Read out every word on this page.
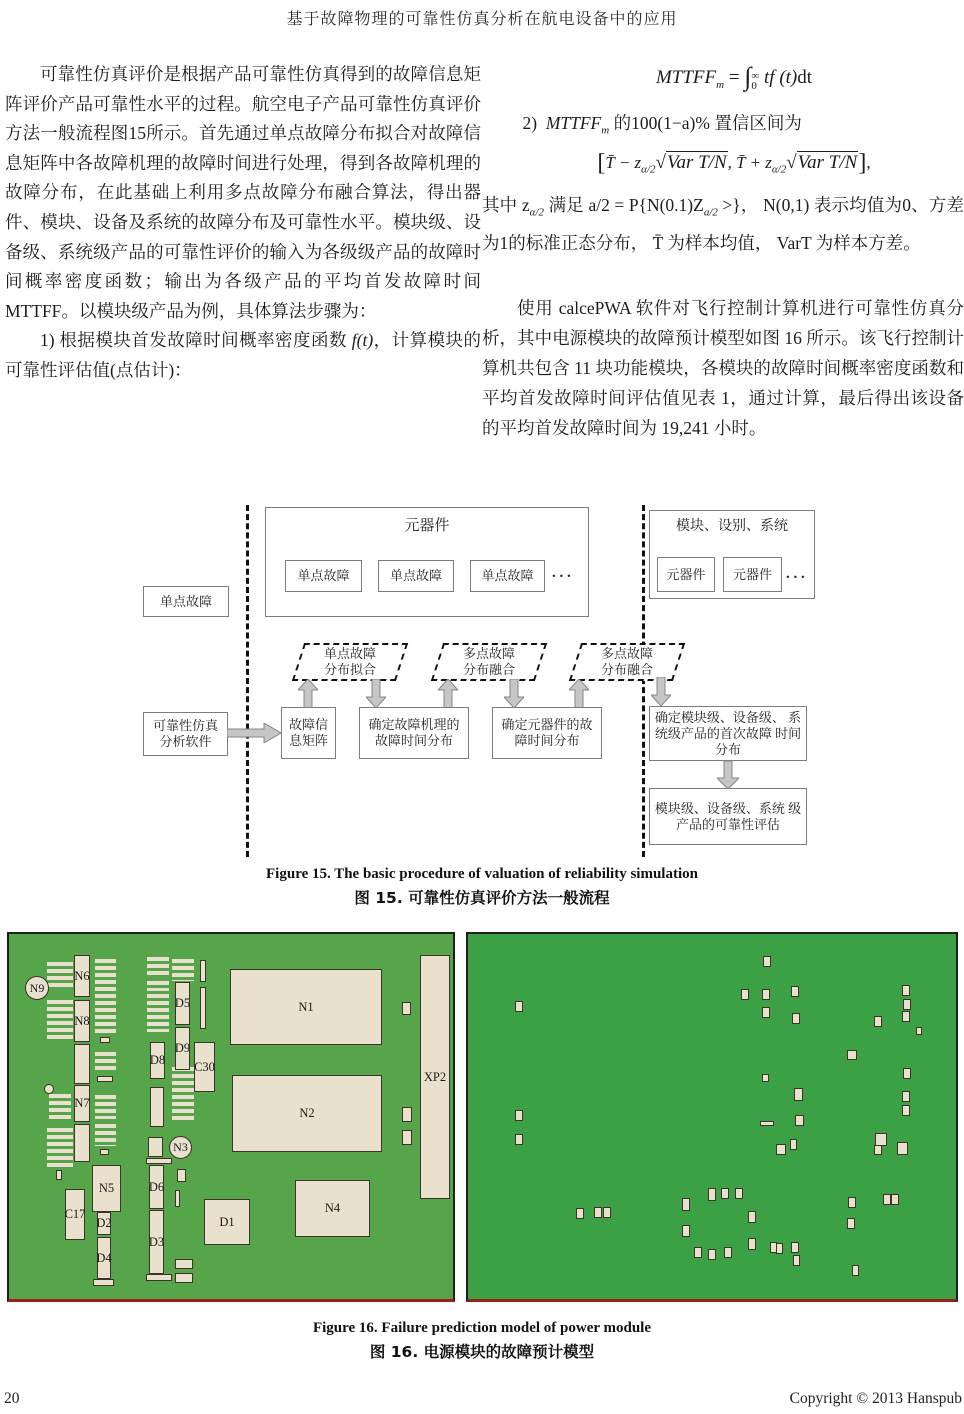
基于故障物理的可靠性仿真分析在航电设备中的应用

可靠性仿真评价是根据产品可靠性仿真得到的故障信息矩阵评价产品可靠性水平的过程。航空电子产品可靠性仿真评价方法一般流程图15所示。首先通过单点故障分布拟合对故障信息矩阵中各故障机理的故障时间进行处理，得到各故障机理的故障分布，在此基础上利用多点故障分布融合算法，得出器件、模块、设备及系统的故障分布及可靠性水平。模块级、设备级、系统级产品的可靠性评价的输入为各级级产品的故障时间概率密度函数；输出为各级产品的平均首发故障时间MTTFF。以模块级产品为例，具体算法步骤为：

1) 根据模块首发故障时间概率密度函数 f(t)，计算模块的可靠性评估值(点估计)：

$MTTFF_m$ = ∫∞
0 tf (t)dt
2) $MTTFF_m$ 的100(1−a)% 置信区间为
[T̄ − $z_{\alpha/2}√Var$ T/N, T̄ + $z_{\alpha/2}√Var$ T/N],
其中 $z_{\alpha/2}$ 满足 $a/2 = P\{N(0.1)Z_{a/2}$ >}， N(0,1) 表示均值为0、方差为1的标准正态分布， T̄ 为样本均值， VarT 为样本方差。

使用 calcePWA 软件对飞行控制计算机进行可靠性仿真分析，其中电源模块的故障预计模型如图 16 所示。该飞行控制计算机共包含 11 块功能模块，各模块的故障时间概率密度函数和平均首发故障时间评估值见表 1，通过计算，最后得出该设备的平均首发故障时间为 19,241 小时。

单点故障
元器件
单点故障	单点故障	单点故障 . . .
模块、设别、系统
元器件 元器件 . . .
单点故障 分布拟合
多点故障 分布融合
多点故障 分布融合
可靠性仿真 分析软件
故障信 息矩阵
确定故障机理的 故障时间分布
确定元器件的故 障时间分布
确定模块级、设备级、 系统级产品的首次故障 时间分布
模块级、设备级、系统 级产品的可靠性评估
Figure 15. The basic procedure of valuation of reliability simulation
图 15. 可靠性仿真评价方法一般流程
N6
N8
N7
N5
C17
D2
D4
D8
D6
D3
D5
D9
C30
N1
N2
D1
N4
XP2
N9
N3
Figure 16. Failure prediction model of power module
图 16. 电源模块的故障预计模型
20	Copyright © 2013 Hanspub
